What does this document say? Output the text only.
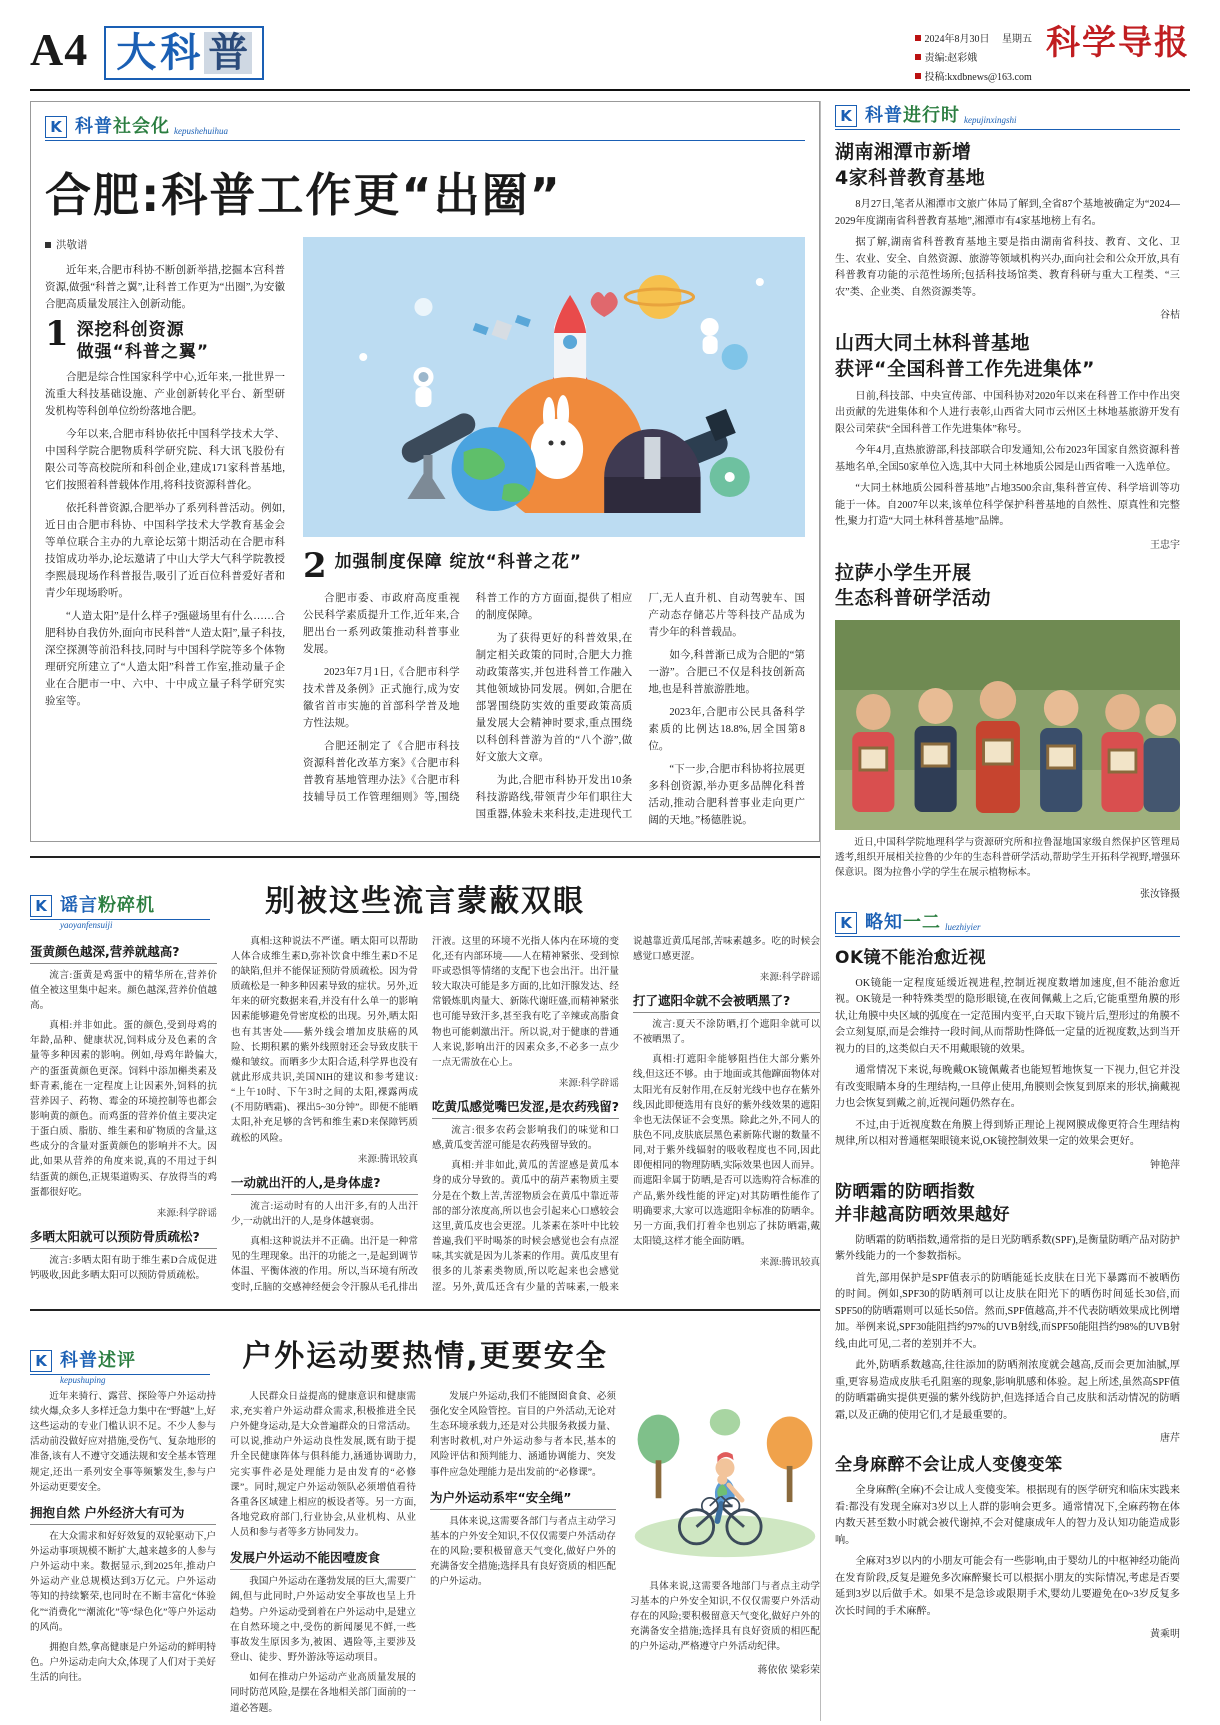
A4 大 科 普	2024年8月30日 星期五
责编:赵彩娥
投稿:kxdbnews@163.com
科学导报
K 科普社会化 kepushehuihua
合肥:科普工作更“出圈”
洪敬谱

近年来,合肥市科协不断创新举措,挖掘本宫科普资源,做强“科普之翼”,让科普工作更为“出圈”,为安徽合肥高质量发展注入创新动能。

1 深挖科创资源
做强“科普之翼”

合肥是综合性国家科学中心,近年来,一批世界一流重大科技基础设施、产业创新转化平台、新型研发机构等科创单位纷纷落地合肥。

今年以来,合肥市科协依托中国科学技术大学、中国科学院合肥物质科学研究院、科大讯飞股份有限公司等高校院所和科创企业,建成171家科普基地,它们按照着科普载体作用,将科技资源科普化。

依托科普资源,合肥举办了系列科普活动。例如,近日由合肥市科协、中国科学技术大学教育基金会等单位联合主办的九章论坛第十期活动在合肥市科技馆成功举办,论坛邀请了中山大学大气科学院教授李熙晨现场作科普报告,吸引了近百位科普爱好者和青少年现场聆听。

“人造太阳”是什么样子?强磁场里有什么……合肥科协自我仿外,面向市民科普“人造太阳”,量子科技,深空探测等前沿科技,同时与中国科学院等多个体物理研究所建立了“人造太阳”科普工作室,推动量子企业在合肥市一中、六中、十中成立量子科学研究实验室等。

2 加强制度保障 绽放“科普之花”

合肥市委、市政府高度重视公民科学素质提升工作,近年来,合肥出台一系列政策推动科普事业发展。

2023年7月1日,《合肥市科学技术普及条例》正式施行,成为安徽省首市实施的首部科学普及地方性法规。

合肥还制定了《合肥市科技资源科普化改革方案》《合肥市科普教育基地管理办法》《合肥市科技辅导员工作管理细则》等,围绕科普工作的方方面面,提供了相应的制度保障。

为了获得更好的科普效果,在制定相关政策的同时,合肥大力推动政策落实,并包进科普工作融入其他领域协同发展。例如,合肥在部署围绕防实效的重要政策高质量发展大会精神时要求,重点围绕以科创科普游为首的“八个游”,做好文旅大文章。

为此,合肥市科协开发出10条科技游路线,带领青少年们职往大国重器,体验未来科技,走进现代工厂,无人直升机、自动驾驶车、国产动态存储芯片等科技产品成为青少年的科普载品。

如今,科普渐已成为合肥的“第一游”。合肥已不仅是科技创新高地,也是科普旅游胜地。

2023年,合肥市公民具备科学素质的比例达18.8%,居全国第8位。

“下一步,合肥市科协将拉展更多科创资源,举办更多品牌化科普活动,推动合肥科普事业走向更广阔的天地。”杨德胜说。

K 谣言粉碎机
yaoyanfensuiji
别被这些流言蒙蔽双眼
蛋黄颜色越深,营养就越高?

流言:蛋黄是鸡蛋中的精华所在,营养价值全被这里集中起来。颜色越深,营养价值越高。

真相:并非如此。蛋的颜色,受到母鸡的年龄,品种、健康状况,饲料成分及色素的含量等多种因素的影响。例如,母鸡年龄偏大,产的蛋蛋黄颜色更深。饲料中添加槲类素及虾青素,能在一定程度上让因素外,饲料的抗营养因子、药物、霉金的环境控制等也都会影响黄的颜色。而鸡蛋的营养价值主要决定于蛋白质、脂肪、维生素和矿物质的含量,这些成分的含量对蛋黄颜色的影响并不大。因此,如果从营养的角度来说,真的不用过于纠结蛋黄的颜色,正规渠道购买、存放得当的鸡蛋都很好吃。

来源:科学辟谣

多晒太阳就可以预防骨质疏松?

流言:多晒太阳有助于维生素D合成促进钙吸收,因此多晒太阳可以预防骨质疏松。

真相:这种说法不严谨。晒太阳可以帮助人体合成维生素D,弥补饮食中维生素D不足的缺陷,但并不能保证预防骨质疏松。因为骨质疏松是一种多种因素导致的症状。另外,近年来的研究数据来看,并没有什么单一的影响因素能够避免骨密度松的出现。另外,晒太阳也有其害处——紫外线会增加皮肤癌的风险、长期积累的紫外线照射还会导致皮肤干燥和皱纹。而晒多少太阳合适,科学界也没有就此形成共识,美国NIH的建议和参考建议:“上午10时、下午3时之间的太阳,裸露两成(不用防晒霜)、裸出5~30分钟”。即便不能晒太阳,补充足够的含钙和维生素D来保障钙质疏松的风险。

来源:腾讯较真

一动就出汗的人,是身体虚?

流言:运动时有的人出汗多,有的人出汗少,一动就出汗的人,是身体越衰弱。

真相:这种说法并不正确。出汗是一种常见的生理现象。出汗的功能之一,是起到调节体温、平衡体液的作用。所以,当环境有所改变时,丘脑的交感神经便会令汗腺从毛孔排出汗液。这里的环境不光指人体内在环境的变化,还有内部环境——人在精神紧张、受到惊吓或恐惧等情绪的支配下也会出汗。出汗量较大取决可能是多方面的,比如汗腺发达、经常锻炼肌肉量大、新陈代谢旺盛,而精神紧张也可能导致汗多,甚至我有吃了辛辣或高脂食物也可能刺激出汗。所以说,对于健康的普通人来说,影响出汗的因素众多,不必多一点少一点无需放在心上。

来源:科学辟谣

吃黄瓜感觉嘴巴发涩,是农药残留?

流言:很多农药会影响我们的味觉和口感,黄瓜变苦涩可能是农药残留导致的。

真相:并非如此,黄瓜的苦涩感是黄瓜本身的成分导致的。黄瓜中的葫芦素物质主要分是在个数上苦,苦涩物质会在黄瓜中靠近蒂部的部分浓度高,所以也会引起来心口感较会这里,黄瓜皮也会更涩。儿茶素在茶叶中比较普遍,我们平时喝茶的时候会感觉也会有点涩味,其实就是因为儿茶素的作用。黄瓜皮里有很多的儿茶素类物质,所以吃起来也会感觉涩。另外,黄瓜还含有少量的苦味素,一般来说越靠近黄瓜尾部,苦味素越多。吃的时候会感觉口感更涩。

来源:科学辟谣

打了遮阳伞就不会被晒黑了?

流言:夏天不涂防晒,打个遮阳伞就可以不被晒黑了。

真相:打遮阳伞能够阻挡住大部分紫外线,但这还不够。由于地面或其他蹿面物体对太阳光有反射作用,在反射光线中也存在紫外线,因此即便选用有良好的紫外线效果的遮阳伞也无法保证不会变黑。除此之外,不同人的肤色不同,皮肤底层黑色素新陈代谢的数量不同,对于紫外线辐射的吸收程度也不同,因此即便相同的物理防晒,实际效果也因人而异。而遮阳伞属于防晒,是否可以选购符合标准的产品,紫外线性能的评定)对其防晒性能作了明确要求,大家可以选遮阳伞标准的防晒伞。另一方面,我们打着伞也别忘了抹防晒霜,戴太阳镜,这样才能全面防晒。

来源:腾讯较真

K 科普述评
kepushuping
户外运动要热情,更要安全

近年来骑行、露营、探险等户外运动持续火爆,众多人多样迁急力集中在“野越”上,好这些运动的专业门槛认识不足。不少人参与活动前没做好应对措施,受伤气、复杂地形的准备,该有人不遵守交通法规和安全基本管理规定,还出一系列安全事等频繁发生,参与户外运动更要安全。

拥抱自然 户外经济大有可为

在大众需求和好好效复的双轮驱动下,户外运动事项规模不断扩大,越来越多的人参与户外运动中来。数据显示,到2025年,推动户外运动产业总规模达到3万亿元。户外运动等知的持续繁荣,也同时在不断丰富化“体验化”“消费化”“潮流化”等“绿色化”等户外运动的风尚。

拥抱自然,拿高健康是户外运动的鲜明特色。户外运动走向大众,体现了人们对于美好生活的向往。

人民群众日益提高的健康意识和健康需求,充实着户外运动群众需求,积极推进全民户外健身运动,是大众普遍群众的日常活动。可以说,推动户外运动良性发展,既有助于提升全民健康阵体与俱科能力,涵通协调助力,完实事件必是处理能力是由发育的“必修课”。同时,规定户外运动领队必须增值看待各重各区域建上相应的板设者等。另一方面,各地党政府部门,行业协会,从业机构、从业人员和参与者等多方协同发力。

发展户外运动不能因噎废食

我国户外运动在蓬勃发展的巨大,需要广阔,但与此同时,户外运动安全事故也呈上升趋势。户外运动受到着在户外运动中,是建立在自然环境之中,受伤的新闻屡见不鲜,一些事故发生原因多为,被困、遇险等,主要涉及登山、徒步、野外游泳等运动项目。

如何在推动户外运动产业高质量发展的同时防范风险,是摆在各地相关部门面前的一道必答题。

发展户外运动,我们不能囫囵食食、必须强化安全风险管控。盲目的户外活动,无论对生态环境承载力,还是对公共服务救援力量、利害时救机,对户外运动参与者本民,基本的风险评估和预判能力、涵通协调能力、突发事件应急处理能力是出发前的“必修课”。

为户外运动系牢“安全绳”

具体来说,这需要各部门与者点主动学习基本的户外安全知识,不仅仅需要户外活动存在的风险;要积极留意天气变化,做好户外的充满备安全措施;选择具有良好资质的相匹配的户外运动。	具体来说,这需要各地部门与者点主动学习基本的户外安全知识,不仅仅需要户外活动存在的风险;要积极留意天气变化,做好户外的充满备安全措施;选择具有良好资质的相匹配的户外运动,严格遵守户外活动纪律。

蒋依依 梁彩荣
K 科普进行时 kepujinxingshi
湖南湘潭市新增
4家科普教育基地

8月27日,笔者从湘潭市文旅广体局了解到,全省87个基地被确定为“2024—2029年度湖南省科普教育基地”,湘潭市有4家基地榜上有名。

据了解,湖南省科普教育基地主要是指由湖南省科技、教育、文化、卫生、农业、安全、自然资源、旅游等领域机构兴办,面向社会和公众开放,具有科普教育功能的示范性场所;包括科技场馆类、教育科研与重大工程类、“三农”类、企业类、自然资源类等。

谷桔
山西大同土林科普基地
获评“全国科普工作先进集体”

日前,科技部、中央宣传部、中国科协对2020年以来在科普工作中作出突出贡献的先进集体和个人进行表彰,山西省大同市云州区土林地基旅游开发有限公司荣获“全国科普工作先进集体”称号。

今年4月,直热旅游部,科技部联合印发通知,公布2023年国家自然资源科普基地名单,全国50家单位入选,其中大同土林地质公园是山西省唯一入选单位。

“大同土林地质公园科普基地”占地3500余亩,集科普宣传、科学培训等功能于一体。自2007年以来,该单位科学保护科普基地的自然性、原真性和完整性,聚力打造“大同土林科普基地”品牌。

王忠宇
拉萨小学生开展
生态科普研学活动

近日,中国科学院地理科学与资源研究所和拉鲁湿地国家级自然保护区管理局透考,组织开展相关拉鲁的少年的生态科普研学活动,帮助学生开拓科学视野,增强环保意识。图为拉鲁小学的学生在展示植物标本。

张汝锋摄
K 略知一二 luezhiyier
OK镜不能治愈近视

OK镜能一定程度延缓近视进程,控制近视度数增加速度,但不能治愈近视。OK镜是一种特殊类型的隐形眼镜,在夜间佩戴上之后,它能重塑角膜的形状,让角膜中央区域的弧度在一定范围内变平,白天取下镜片后,塑形过的角膜不会立刻复原,而是会维持一段时间,从而帮助性降低一定量的近视度数,达到当开视力的目的,这类似白天不用戴眼镜的效果。

通常情况下来说,每晚戴OK镜佩戴者也能短暂地恢复一下视力,但它并没有改变眼睛本身的生理结构,一旦停止使用,角膜则会恢复到原来的形状,摘戴视力也会恢复到戴之前,近视问题仍然存在。

不过,由于近视度数在角膜上得到矫正理论上视网膜成像更符合生理结构规律,所以相对普通框架眼镜来说,OK镜控制效果一定的效果会更好。

钟艳萍
防晒霜的防晒指数
并非越高防晒效果越好

防晒霜的防晒指数,通常指的是日光防晒系数(SPF),是衡量防晒产品对防护紫外线能力的一个参数指标。

首先,部用保护是SPF值表示的防晒能延长皮肤在日光下暴露而不被晒伤的时间。例如,SPF30的防晒剂可以让皮肤在阳光下的晒伤时间延长30倍,而SPF50的防晒霜则可以延长50倍。然而,SPF值越高,并不代表防晒效果成比例增加。举例来说,SPF30能阻挡约97%的UVB射线,而SPF50能阻挡约98%的UVB射线,由此可见,二者的差别并不大。

此外,防晒系数越高,往往添加的防晒剂浓度就会越高,反而会更加油腻,厚重,更容易造成皮肤毛孔阻塞的现象,影响肌感和体验。起上所述,虽然高SPF值的防晒霜确实提供更强的紫外线防护,但选择适合自己皮肤和活动情况的防晒霜,以及正确的使用它们,才是最重要的。

唐芹
全身麻醉不会让成人变傻变笨

全身麻醉(全麻)不会让成人变傻变笨。根据现有的医学研究和临床实践来看:都没有发现全麻对3岁以上人群的影响会更多。通常情况下,全麻药物在体内数天甚至数小时就会被代谢掉,不会对健康成年人的智力及认知功能造成影响。

全麻对3岁以内的小朋友可能会有一些影响,由于婴幼儿的中枢神经功能尚在发育阶段,反复是避免多次麻醉聚长可以根据小朋友的实际情况,考虑是否要延到3岁以后做手术。如果不是急诊或限期手术,婴幼儿要避免在0~3岁反复多次长时间的手术麻醉。

黄乘明
